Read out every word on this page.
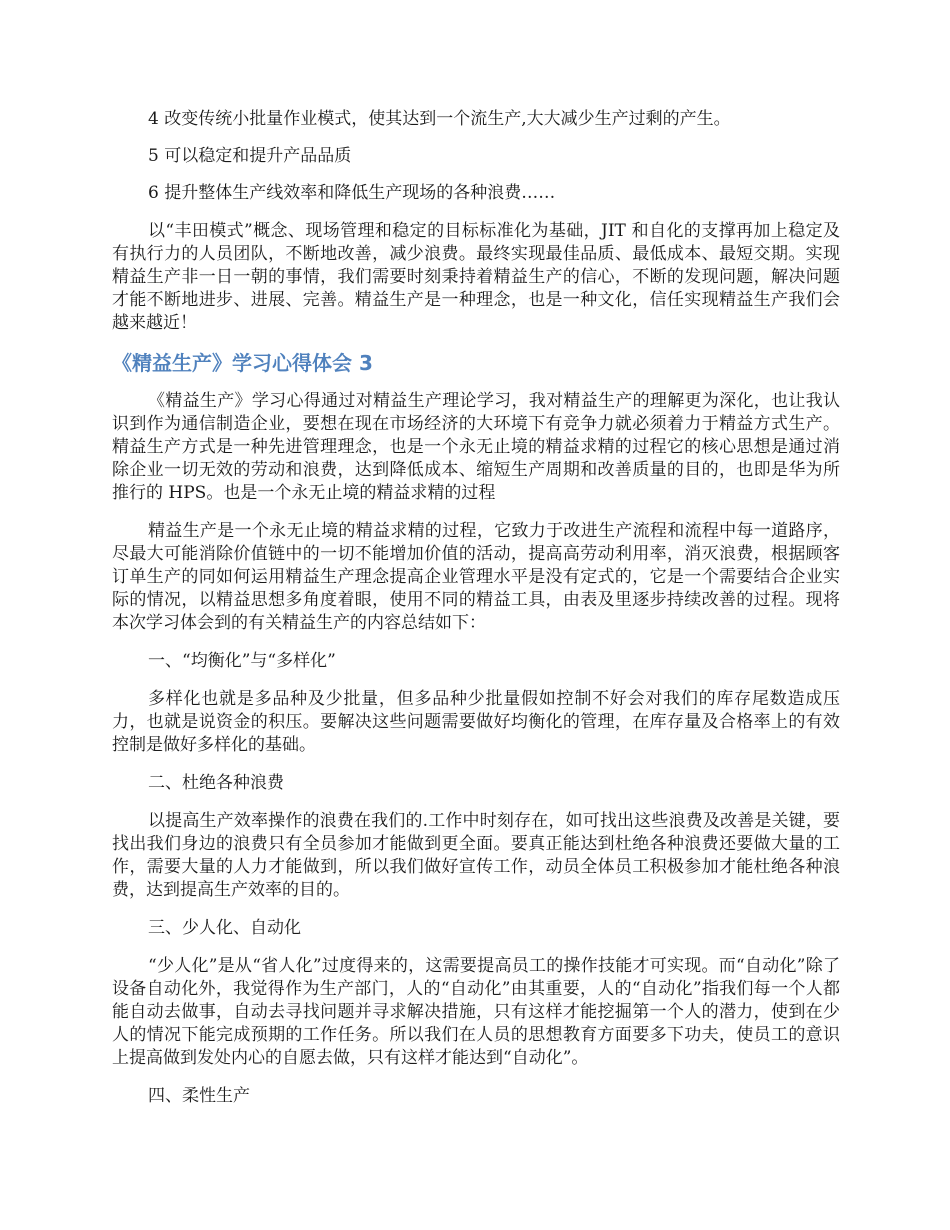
4 改变传统小批量作业模式，使其达到一个流生产,大大减少生产过剩的产生。

5 可以稳定和提升产品品质

6 提升整体生产线效率和降低生产现场的各种浪费……

以“丰田模式”概念、现场管理和稳定的目标标准化为基础，JIT 和自化的支撑再加上稳定及有执行力的人员团队，不断地改善，减少浪费。最终实现最佳品质、最低成本、最短交期。实现精益生产非一日一朝的事情，我们需要时刻秉持着精益生产的信心，不断的发现问题，解决问题才能不断地进步、进展、完善。精益生产是一种理念，也是一种文化，信任实现精益生产我们会越来越近！

《精益生产》学习心得体会 3

《精益生产》学习心得通过对精益生产理论学习，我对精益生产的理解更为深化，也让我认识到作为通信制造企业，要想在现在市场经济的大环境下有竞争力就必须着力于精益方式生产。精益生产方式是一种先进管理理念，也是一个永无止境的精益求精的过程它的核心思想是通过消除企业一切无效的劳动和浪费，达到降低成本、缩短生产周期和改善质量的目的，也即是华为所推行的 HPS。也是一个永无止境的精益求精的过程

精益生产是一个永无止境的精益求精的过程，它致力于改进生产流程和流程中每一道路序，尽最大可能消除价值链中的一切不能增加价值的活动，提高高劳动利用率，消灭浪费，根据顾客订单生产的同如何运用精益生产理念提高企业管理水平是没有定式的，它是一个需要结合企业实际的情况，以精益思想多角度着眼，使用不同的精益工具，由表及里逐步持续改善的过程。现将本次学习体会到的有关精益生产的内容总结如下：

一、“均衡化”与“多样化”

多样化也就是多品种及少批量，但多品种少批量假如控制不好会对我们的库存尾数造成压力，也就是说资金的积压。要解决这些问题需要做好均衡化的管理，在库存量及合格率上的有效控制是做好多样化的基础。

二、杜绝各种浪费

以提高生产效率操作的浪费在我们的.工作中时刻存在，如可找出这些浪费及改善是关键，要找出我们身边的浪费只有全员参加才能做到更全面。要真正能达到杜绝各种浪费还要做大量的工作，需要大量的人力才能做到，所以我们做好宣传工作，动员全体员工积极参加才能杜绝各种浪费，达到提高生产效率的目的。

三、少人化、自动化

“少人化”是从“省人化”过度得来的，这需要提高员工的操作技能才可实现。而“自动化”除了设备自动化外，我觉得作为生产部门，人的“自动化”由其重要，人的“自动化”指我们每一个人都能自动去做事，自动去寻找问题并寻求解决措施，只有这样才能挖掘第一个人的潜力，使到在少人的情况下能完成预期的工作任务。所以我们在人员的思想教育方面要多下功夫，使员工的意识上提高做到发处内心的自愿去做，只有这样才能达到“自动化”。

四、柔性生产
